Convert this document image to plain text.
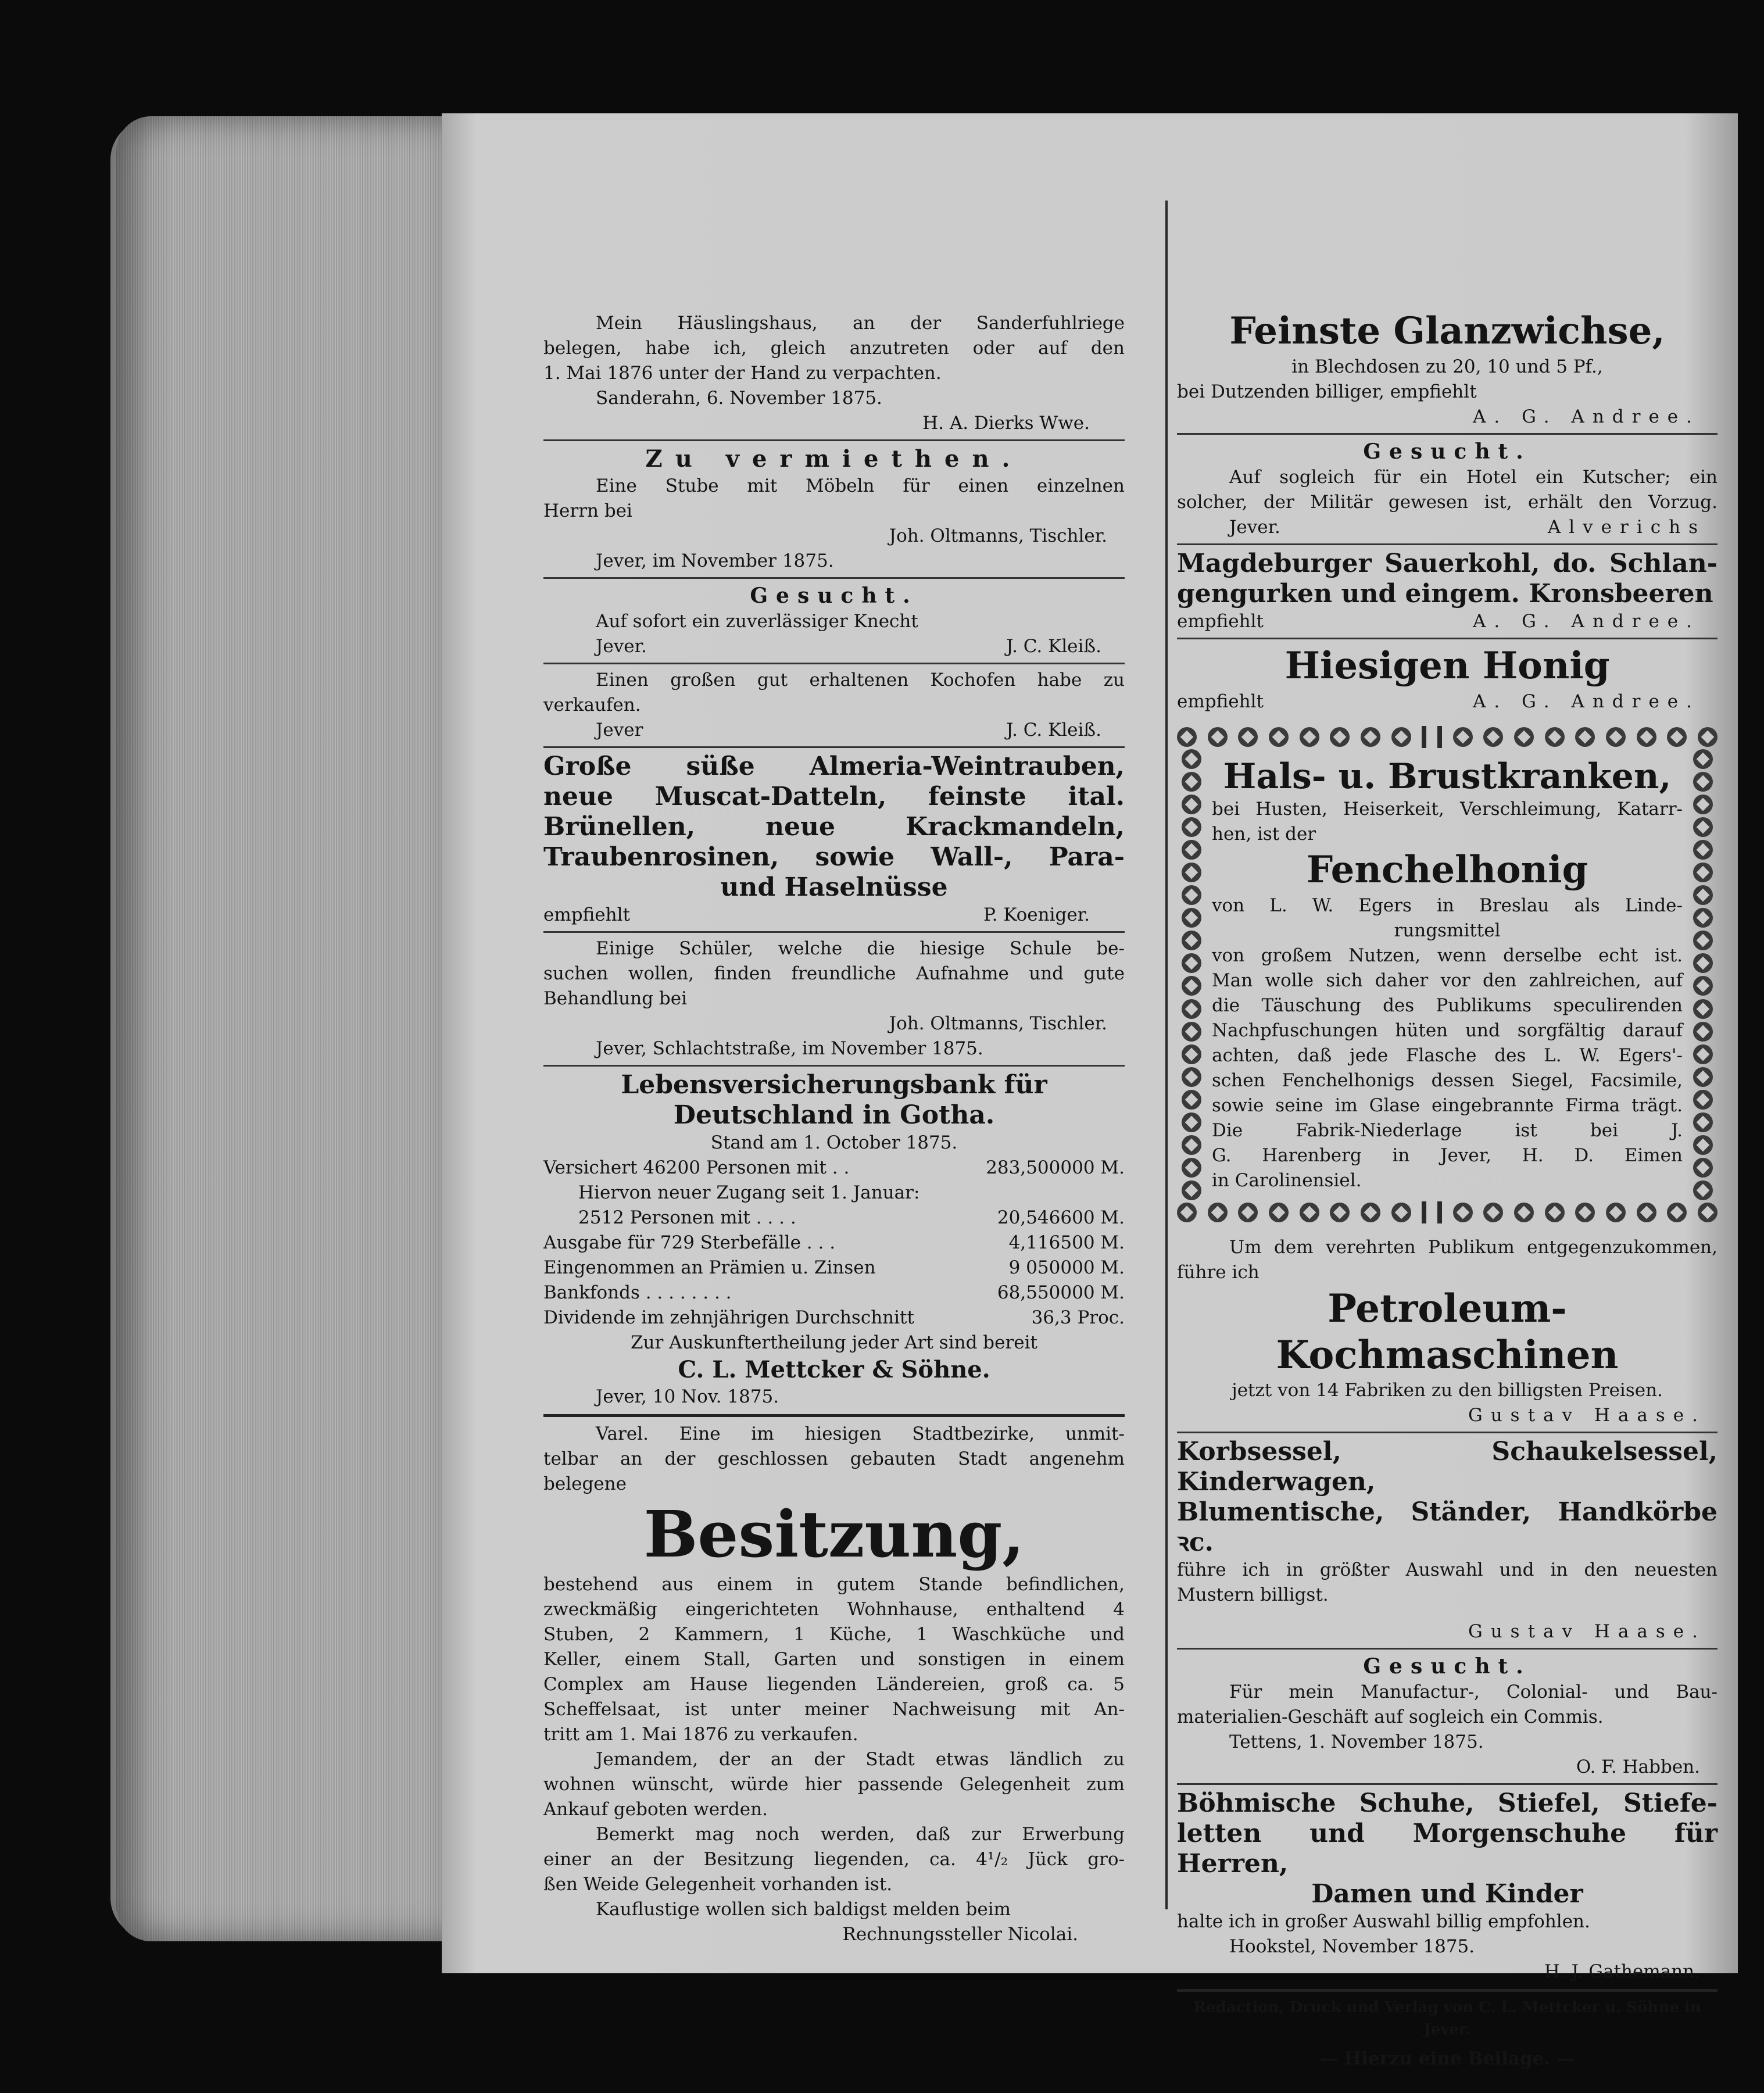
Mein Häuslingshaus, an der Sanderfuhlriege

belegen, habe ich, gleich anzutreten oder auf den

1. Mai 1876 unter der Hand zu verpachten.

Sanderahn, 6. November 1875.

H. A. Dierks Wwe.

Zu vermiethen.

Eine Stube mit Möbeln für einen einzelnen

Herrn bei

Joh. Oltmanns, Tischler.

Jever, im November 1875.

Gesucht.

Auf sofort ein zuverlässiger Knecht

Jever.	J. C. Kleiß.

Einen großen gut erhaltenen Kochofen habe zu

verkaufen.

Jever	J. C. Kleiß.

Große süße Almeria-Weintrauben,

neue Muscat-Datteln, feinste ital.

Brünellen, neue Krackmandeln,

Traubenrosinen, sowie Wall-, Para-

und Haselnüsse

empfiehlt	P. Koeniger.

Einige Schüler, welche die hiesige Schule be-

suchen wollen, finden freundliche Aufnahme und gute

Behandlung bei

Joh. Oltmanns, Tischler.

Jever, Schlachtstraße, im November 1875.

Lebensversicherungsbank für

Deutschland in Gotha.

Stand am 1. October 1875.

Versichert 46200 Personen mit . .	283,500000 M.
Hiervon neuer Zugang seit 1. Januar:
2512 Personen mit . . . .	20,546600 M.
Ausgabe für 729 Sterbefälle . . .	4,116500 M.
Eingenommen an Prämien u. Zinsen	9 050000 M.
Bankfonds . . . . . . . .	68,550000 M.
Dividende im zehnjährigen Durchschnitt	36,3 Proc.

Zur Auskunftertheilung jeder Art sind bereit

C. L. Mettcker & Söhne.

Jever, 10 Nov. 1875.

Varel. Eine im hiesigen Stadtbezirke, unmit-

telbar an der geschlossen gebauten Stadt angenehm

belegene

Besitzung,

bestehend aus einem in gutem Stande befindlichen,

zweckmäßig eingerichteten Wohnhause, enthaltend 4

Stuben, 2 Kammern, 1 Küche, 1 Waschküche und

Keller, einem Stall, Garten und sonstigen in einem

Complex am Hause liegenden Ländereien, groß ca. 5

Scheffelsaat, ist unter meiner Nachweisung mit An-

tritt am 1. Mai 1876 zu verkaufen.

Jemandem, der an der Stadt etwas ländlich zu

wohnen wünscht, würde hier passende Gelegenheit zum

Ankauf geboten werden.

Bemerkt mag noch werden, daß zur Erwerbung

einer an der Besitzung liegenden, ca. 4¹/₂ Jück gro-

ßen Weide Gelegenheit vorhanden ist.

Kauflustige wollen sich baldigst melden beim

Rechnungssteller Nicolai.

Feinste Glanzwichse,

in Blechdosen zu 20, 10 und 5 Pf.,

bei Dutzenden billiger, empfiehlt

A. G. Andree.

Gesucht.

Auf sogleich für ein Hotel ein Kutscher; ein

solcher, der Militär gewesen ist, erhält den Vorzug.

Jever.	Alverichs

Magdeburger Sauerkohl, do. Schlan-

gengurken und eingem. Kronsbeeren

empfiehlt	A. G. Andree.

Hiesigen Honig

empfiehlt	A. G. Andree.

Hals- u. Brustkranken,

bei Husten, Heiserkeit, Verschleimung, Katarr-

hen, ist der

Fenchelhonig

von L. W. Egers in Breslau als Linde-

rungsmittel

von großem Nutzen, wenn derselbe echt ist.

Man wolle sich daher vor den zahlreichen, auf

die Täuschung des Publikums speculirenden

Nachpfuschungen hüten und sorgfältig darauf

achten, daß jede Flasche des L. W. Egers'-

schen Fenchelhonigs dessen Siegel, Facsimile,

sowie seine im Glase eingebrannte Firma trägt.

Die Fabrik-Niederlage ist bei J.

G. Harenberg in Jever, H. D. Eimen

in Carolinensiel.

Um dem verehrten Publikum entgegenzukommen,

führe ich

Petroleum-Kochmaschinen

jetzt von 14 Fabriken zu den billigsten Preisen.

Gustav Haase.

Korbsessel, Schaukelsessel, Kinderwagen,

Blumentische, Ständer, Handkörbe ꝛc.

führe ich in größter Auswahl und in den neuesten

Mustern billigst.

Gustav Haase.

Gesucht.

Für mein Manufactur-, Colonial- und Bau-

materialien-Geschäft auf sogleich ein Commis.

Tettens, 1. November 1875.

O. F. Habben.

Böhmische Schuhe, Stiefel, Stiefe-

letten und Morgenschuhe für Herren,

Damen und Kinder

halte ich in großer Auswahl billig empfohlen.

Hookstel, November 1875.

H. J. Gathemann.

Redaction, Druck und Verlag von C. L. Mettcker u. Söhne in Jever.

— Hierzu eine Beilage. —
